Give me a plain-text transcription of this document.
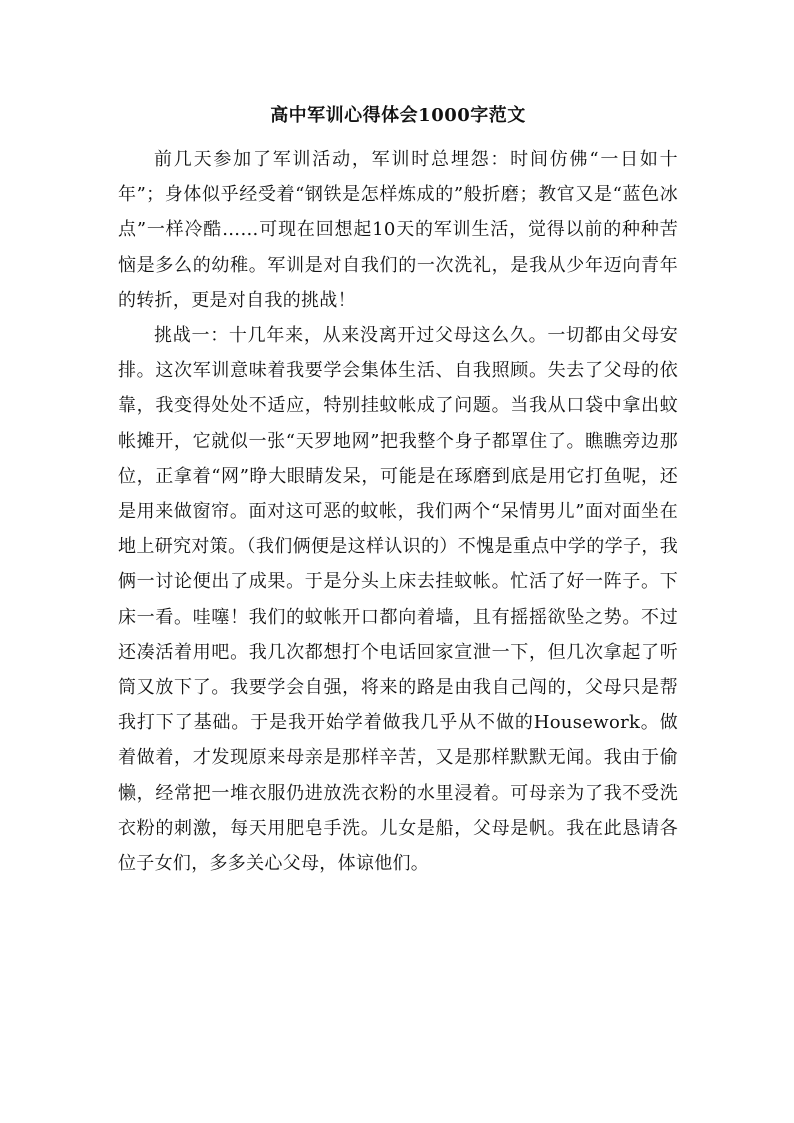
高中军训心得体会1000字范文

前几天参加了军训活动，军训时总埋怨：时间仿佛“一日如十年”；身体似乎经受着“钢铁是怎样炼成的”般折磨；教官又是“蓝色冰点”一样冷酷……可现在回想起10天的军训生活，觉得以前的种种苦恼是多么的幼稚。军训是对自我们的一次洗礼，是我从少年迈向青年的转折，更是对自我的挑战！

挑战一：十几年来，从来没离开过父母这么久。一切都由父母安排。这次军训意味着我要学会集体生活、自我照顾。失去了父母的依靠，我变得处处不适应，特别挂蚊帐成了问题。当我从口袋中拿出蚊帐摊开，它就似一张“天罗地网”把我整个身子都罩住了。瞧瞧旁边那位，正拿着“网”睁大眼睛发呆，可能是在琢磨到底是用它打鱼呢，还是用来做窗帘。面对这可恶的蚊帐，我们两个“呆情男儿”面对面坐在地上研究对策。（我们俩便是这样认识的）不愧是重点中学的学子，我俩一讨论便出了成果。于是分头上床去挂蚊帐。忙活了好一阵子。下床一看。哇噻！我们的蚊帐开口都向着墙，且有摇摇欲坠之势。不过还凑活着用吧。我几次都想打个电话回家宣泄一下，但几次拿起了听筒又放下了。我要学会自强，将来的路是由我自己闯的，父母只是帮我打下了基础。于是我开始学着做我几乎从不做的Housework。做着做着，才发现原来母亲是那样辛苦，又是那样默默无闻。我由于偷懒，经常把一堆衣服仍进放洗衣粉的水里浸着。可母亲为了我不受洗衣粉的刺激，每天用肥皂手洗。儿女是船，父母是帆。我在此恳请各位子女们，多多关心父母，体谅他们。
